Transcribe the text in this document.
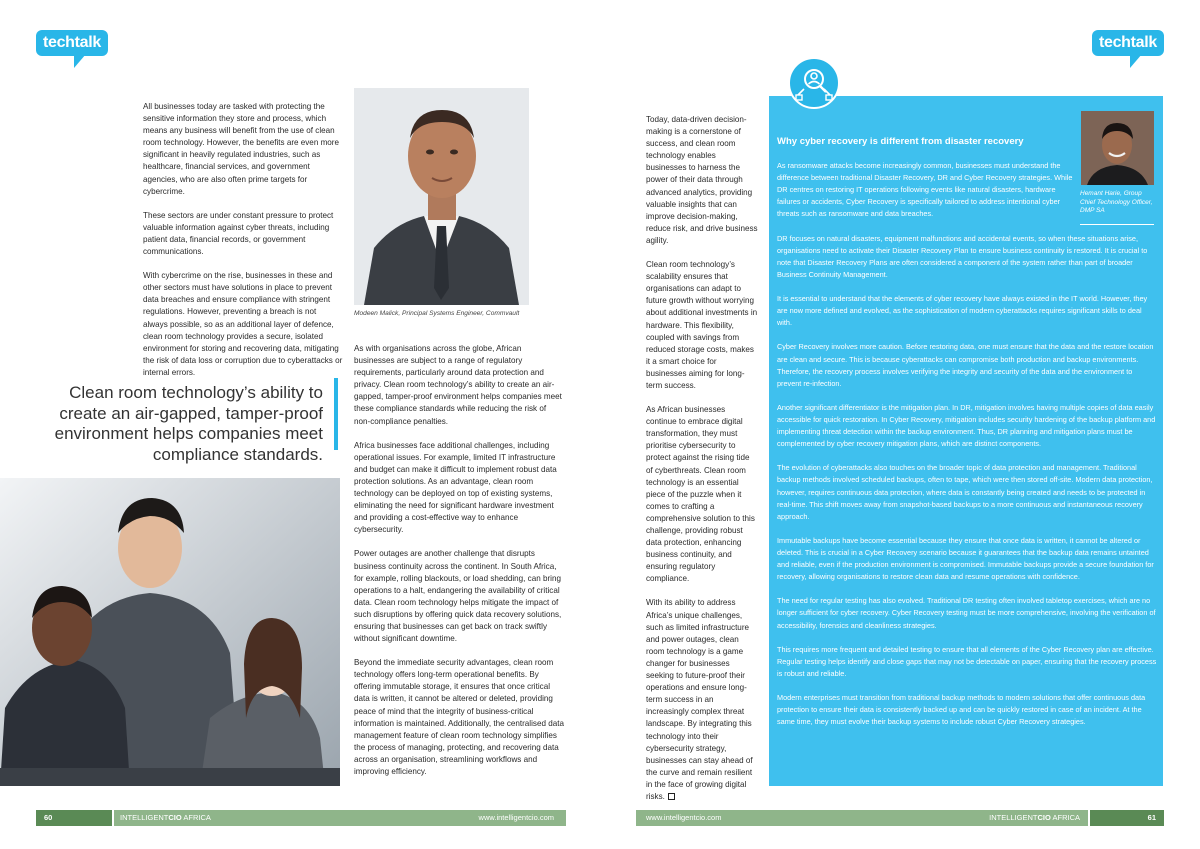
techtalk

All businesses today are tasked with protecting the sensitive information they store and process, which means any business will benefit from the use of clean room technology. However, the benefits are even more significant in heavily regulated industries, such as healthcare, financial services, and government agencies, who are also often prime targets for cybercrime.

These sectors are under constant pressure to protect valuable information against cyber threats, including patient data, financial records, or government communications.

With cybercrime on the rise, businesses in these and other sectors must have solutions in place to prevent data breaches and ensure compliance with stringent regulations. However, preventing a breach is not always possible, so as an additional layer of defence, clean room technology provides a secure, isolated environment for storing and recovering data, mitigating the risk of data loss or corruption due to cyberattacks or internal errors.

Clean room technology’s ability to create an air-gapped, tamper-proof environment helps companies meet compliance standards.
Modeen Malick, Principal Systems Engineer, Commvault

As with organisations across the globe, African businesses are subject to a range of regulatory requirements, particularly around data protection and privacy. Clean room technology’s ability to create an air-gapped, tamper-proof environment helps companies meet these compliance standards while reducing the risk of non-compliance penalties.

Africa businesses face additional challenges, including operational issues. For example, limited IT infrastructure and budget can make it difficult to implement robust data protection solutions. As an advantage, clean room technology can be deployed on top of existing systems, eliminating the need for significant hardware investment and providing a cost-effective way to enhance cybersecurity.

Power outages are another challenge that disrupts business continuity across the continent. In South Africa, for example, rolling blackouts, or load shedding, can bring operations to a halt, endangering the availability of critical data. Clean room technology helps mitigate the impact of such disruptions by offering quick data recovery solutions, ensuring that businesses can get back on track swiftly without significant downtime.

Beyond the immediate security advantages, clean room technology offers long-term operational benefits. By offering immutable storage, it ensures that once critical data is written, it cannot be altered or deleted, providing peace of mind that the integrity of business-critical information is maintained. Additionally, the centralised data management feature of clean room technology simplifies the process of managing, protecting, and recovering data across an organisation, streamlining workflows and improving efficiency.

techtalk

Today, data-driven decision-making is a cornerstone of success, and clean room technology enables businesses to harness the power of their data through advanced analytics, providing valuable insights that can improve decision-making, reduce risk, and drive business agility.

Clean room technology’s scalability ensures that organisations can adapt to future growth without worrying about additional investments in hardware. This flexibility, coupled with savings from reduced storage costs, makes it a smart choice for businesses aiming for long-term success.

As African businesses continue to embrace digital transformation, they must prioritise cybersecurity to protect against the rising tide of cyberthreats. Clean room technology is an essential piece of the puzzle when it comes to crafting a comprehensive solution to this challenge, providing robust data protection, enhancing business continuity, and ensuring regulatory compliance.

With its ability to address Africa’s unique challenges, such as limited infrastructure and power outages, clean room technology is a game changer for businesses seeking to future-proof their operations and ensure long-term success in an increasingly complex threat landscape. By integrating this technology into their cybersecurity strategy, businesses can stay ahead of the curve and remain resilient in the face of growing digital risks.

Why cyber recovery is different from disaster recovery

As ransomware attacks become increasingly common, businesses must understand the difference between traditional Disaster Recovery, DR and Cyber Recovery strategies. While DR centres on restoring IT operations following events like natural disasters, hardware failures or accidents, Cyber Recovery is specifically tailored to address intentional cyber threats such as ransomware and data breaches.

DR focuses on natural disasters, equipment malfunctions and accidental events, so when these situations arise, organisations need to activate their Disaster Recovery Plan to ensure business continuity is restored. It is crucial to note that Disaster Recovery Plans are often considered a component of the system rather than part of broader Business Continuity Management.

It is essential to understand that the elements of cyber recovery have always existed in the IT world. However, they are now more defined and evolved, as the sophistication of modern cyberattacks requires significant skills to deal with.

Cyber Recovery involves more caution. Before restoring data, one must ensure that the data and the restore location are clean and secure. This is because cyberattacks can compromise both production and backup environments. Therefore, the recovery process involves verifying the integrity and security of the data and the environment to prevent re-infection.

Another significant differentiator is the mitigation plan. In DR, mitigation involves having multiple copies of data easily accessible for quick restoration. In Cyber Recovery, mitigation includes security hardening of the backup platform and implementing threat detection within the backup environment. Thus, DR planning and mitigation plans must be complemented by cyber recovery mitigation plans, which are distinct components.

The evolution of cyberattacks also touches on the broader topic of data protection and management. Traditional backup methods involved scheduled backups, often to tape, which were then stored off-site. Modern data protection, however, requires continuous data protection, where data is constantly being created and needs to be protected in real-time. This shift moves away from snapshot-based backups to a more continuous and instantaneous recovery approach.

Immutable backups have become essential because they ensure that once data is written, it cannot be altered or deleted. This is crucial in a Cyber Recovery scenario because it guarantees that the backup data remains untainted and reliable, even if the production environment is compromised. Immutable backups provide a secure foundation for recovery, allowing organisations to restore clean data and resume operations with confidence.

The need for regular testing has also evolved. Traditional DR testing often involved tabletop exercises, which are no longer sufficient for cyber recovery. Cyber Recovery testing must be more comprehensive, involving the verification of accessibility, forensics and cleanliness strategies.

This requires more frequent and detailed testing to ensure that all elements of the Cyber Recovery plan are effective. Regular testing helps identify and close gaps that may not be detectable on paper, ensuring that the recovery process is robust and reliable.

Modern enterprises must transition from traditional backup methods to modern solutions that offer continuous data protection to ensure their data is consistently backed up and can be quickly restored in case of an incident. At the same time, they must evolve their backup systems to include robust Cyber Recovery strategies.

Hemant Harie, Group Chief Technology Officer, DMP SA
60	INTELLIGENTCIO AFRICA	www.intelligentcio.com	www.intelligentcio.com	INTELLIGENTCIO AFRICA	61
